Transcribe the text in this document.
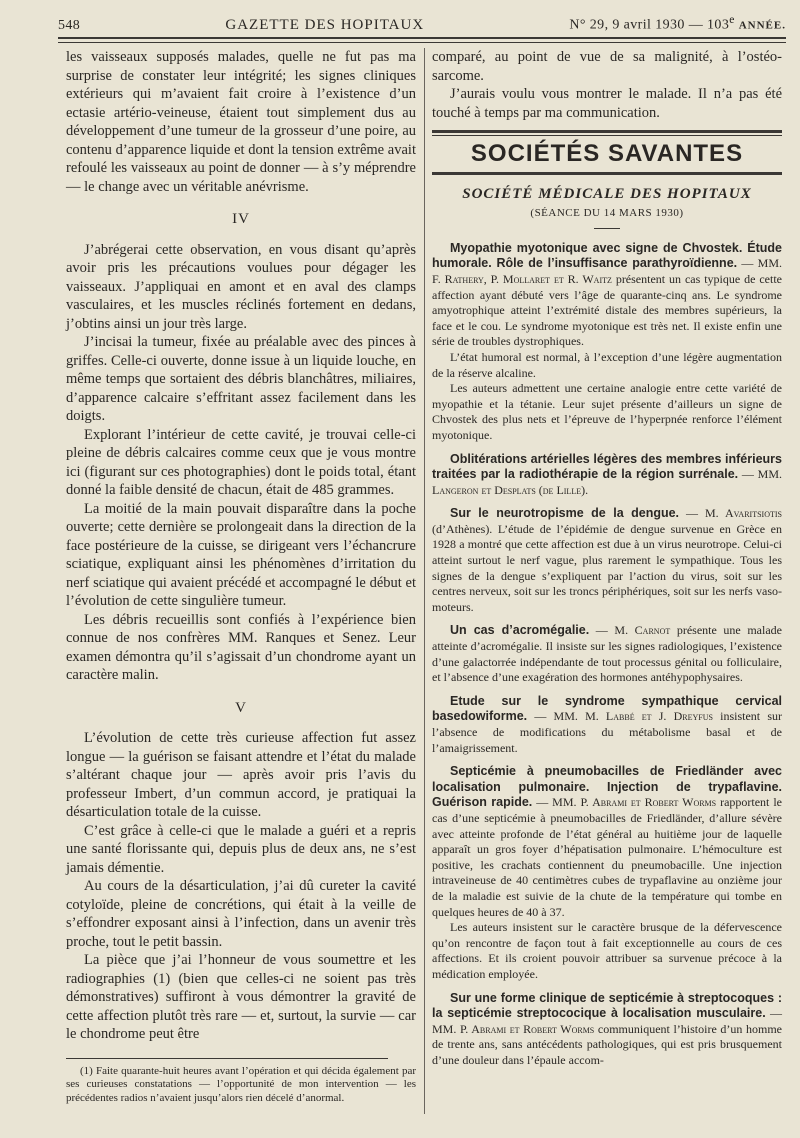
548	GAZETTE DES HOPITAUX	N° 29, 9 avril 1930 — 103e ANNÉE.

les vaisseaux supposés malades, quelle ne fut pas ma surprise de constater leur intégrité; les signes cliniques extérieurs qui m’avaient fait croire à l’existence d’un ectasie artério-veineuse, étaient tout simplement dus au développement d’une tumeur de la grosseur d’une poire, au contenu d’apparence liquide et dont la tension extrême avait refoulé les vaisseaux au point de donner — à s’y méprendre — le change avec un véritable anévrisme.

IV

J’abrégerai cette observation, en vous disant qu’après avoir pris les précautions voulues pour dégager les vaisseaux. J’appliquai en amont et en aval des clamps vasculaires, et les muscles réclinés fortement en dedans, j’obtins ainsi un jour très large.

J’incisai la tumeur, fixée au préalable avec des pinces à griffes. Celle-ci ouverte, donne issue à un liquide louche, en même temps que sortaient des débris blanchâtres, miliaires, d’apparence calcaire s’effritant assez facilement dans les doigts.

Explorant l’intérieur de cette cavité, je trouvai celle-ci pleine de débris calcaires comme ceux que je vous montre ici (figurant sur ces photographies) dont le poids total, étant donné la faible densité de chacun, était de 485 grammes.

La moitié de la main pouvait disparaître dans la poche ouverte; cette dernière se prolongeait dans la direction de la face postérieure de la cuisse, se dirigeant vers l’échancrure sciatique, expliquant ainsi les phénomènes d’irritation du nerf sciatique qui avaient précédé et accompagné le début et l’évolution de cette singulière tumeur.

Les débris recueillis sont confiés à l’expérience bien connue de nos confrères MM. Ranques et Senez. Leur examen démontra qu’il s’agissait d’un chondrome ayant un caractère malin.

V

L’évolution de cette très curieuse affection fut assez longue — la guérison se faisant attendre et l’état du malade s’altérant chaque jour — après avoir pris l’avis du professeur Imbert, d’un commun accord, je pratiquai la désarticulation totale de la cuisse.

C’est grâce à celle-ci que le malade a guéri et a repris une santé florissante qui, depuis plus de deux ans, ne s’est jamais démentie.

Au cours de la désarticulation, j’ai dû cureter la cavité cotyloïde, pleine de concrétions, qui était à la veille de s’effondrer exposant ainsi à l’infection, dans un avenir très proche, tout le petit bassin.

La pièce que j’ai l’honneur de vous soumettre et les radiographies (1) (bien que celles-ci ne soient pas très démonstratives) suffiront à vous démontrer la gravité de cette affection plutôt très rare — et, surtout, la survie — car le chondrome peut être

(1) Faite quarante-huit heures avant l’opération et qui décida également par ses curieuses constatations — l’opportunité de mon intervention — les précédentes radios n’avaient jusqu’alors rien décelé d’anormal.

comparé, au point de vue de sa malignité, à l’ostéo-sarcome.

J’aurais voulu vous montrer le malade. Il n’a pas été touché à temps par ma communication.

SOCIÉTÉS SAVANTES
SOCIÉTÉ MÉDICALE DES HOPITAUX
(SÉANCE DU 14 MARS 1930)

Myopathie myotonique avec signe de Chvostek. Étude humorale. Rôle de l’insuffisance parathyroïdienne. — MM. F. Rathery, P. Mollaret et R. Waitz présentent un cas typique de cette affection ayant débuté vers l’âge de quarante-cinq ans. Le syndrome amyotrophique atteint l’extrémité distale des membres supérieurs, la face et le cou. Le syndrome myotonique est très net. Il existe enfin une série de troubles dystrophiques.

L’état humoral est normal, à l’exception d’une légère augmentation de la réserve alcaline.

Les auteurs admettent une certaine analogie entre cette variété de myopathie et la tétanie. Leur sujet présente d’ailleurs un signe de Chvostek des plus nets et l’épreuve de l’hyperpnée renforce l’élément myotonique.

Oblitérations artérielles légères des membres inférieurs traitées par la radiothérapie de la région surrénale. — MM. Langeron et Desplats (de Lille).

Sur le neurotropisme de la dengue. — M. Avaritsiotis (d’Athènes). L’étude de l’épidémie de dengue survenue en Grèce en 1928 a montré que cette affection est due à un virus neurotrope. Celui-ci atteint surtout le nerf vague, plus rarement le sympathique. Tous les signes de la dengue s’expliquent par l’action du virus, soit sur les centres nerveux, soit sur les troncs périphériques, soit sur les nerfs vaso-moteurs.

Un cas d’acromégalie. — M. Carnot présente une malade atteinte d’acromégalie. Il insiste sur les signes radiologiques, l’existence d’une galactorrée indépendante de tout processus génital ou folliculaire, et l’absence d’une exagération des hormones antéhypophysaires.

Etude sur le syndrome sympathique cervical basedowiforme. — MM. M. Labbé et J. Dreyfus insistent sur l’absence de modifications du métabolisme basal et de l’amaigrissement.

Septicémie à pneumobacilles de Friedländer avec localisation pulmonaire. Injection de trypaflavine. Guérison rapide. — MM. P. Abrami et Robert Worms rapportent le cas d’une septicémie à pneumobacilles de Friedländer, d’allure sévère avec atteinte profonde de l’état général au huitième jour de laquelle apparaît un gros foyer d’hépatisation pulmonaire. L’hémoculture est positive, les crachats contiennent du pneumobacille. Une injection intraveineuse de 40 centimètres cubes de trypaflavine au onzième jour de la maladie est suivie de la chute de la température qui tombe en quelques heures de 40 à 37.

Les auteurs insistent sur le caractère brusque de la défervescence qu’on rencontre de façon tout à fait exceptionnelle au cours de ces affections. Et ils croient pouvoir attribuer sa survenue précoce à la médication employée.

Sur une forme clinique de septicémie à streptocoques : la septicémie streptococique à localisation musculaire. — MM. P. Abrami et Robert Worms communiquent l’histoire d’un homme de trente ans, sans antécédents pathologiques, qui est pris brusquement d’une douleur dans l’épaule accom-
